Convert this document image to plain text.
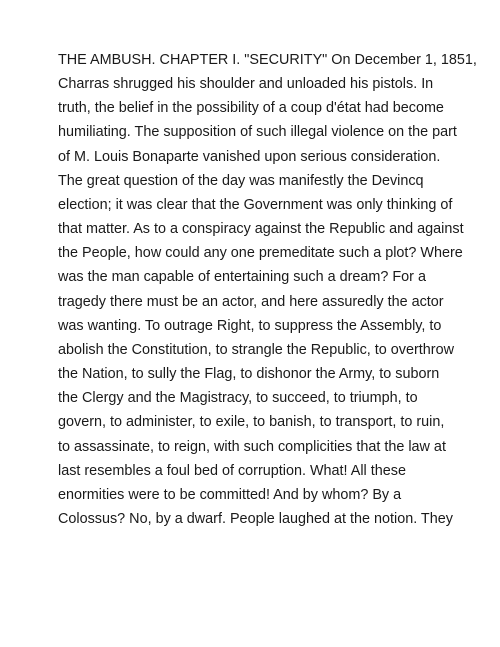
THE AMBUSH. CHAPTER I. "SECURITY" On December 1, 1851,
Charras shrugged his shoulder and unloaded his pistols. In
truth, the belief in the possibility of a coup d'état had become
humiliating. The supposition of such illegal violence on the part
of M. Louis Bonaparte vanished upon serious consideration.
The great question of the day was manifestly the Devincq
election; it was clear that the Government was only thinking of
that matter. As to a conspiracy against the Republic and against
the People, how could any one premeditate such a plot? Where
was the man capable of entertaining such a dream? For a
tragedy there must be an actor, and here assuredly the actor
was wanting. To outrage Right, to suppress the Assembly, to
abolish the Constitution, to strangle the Republic, to overthrow
the Nation, to sully the Flag, to dishonor the Army, to suborn
the Clergy and the Magistracy, to succeed, to triumph, to
govern, to administer, to exile, to banish, to transport, to ruin,
to assassinate, to reign, with such complicities that the law at
last resembles a foul bed of corruption. What! All these
enormities were to be committed! And by whom? By a
Colossus? No, by a dwarf. People laughed at the notion. They
